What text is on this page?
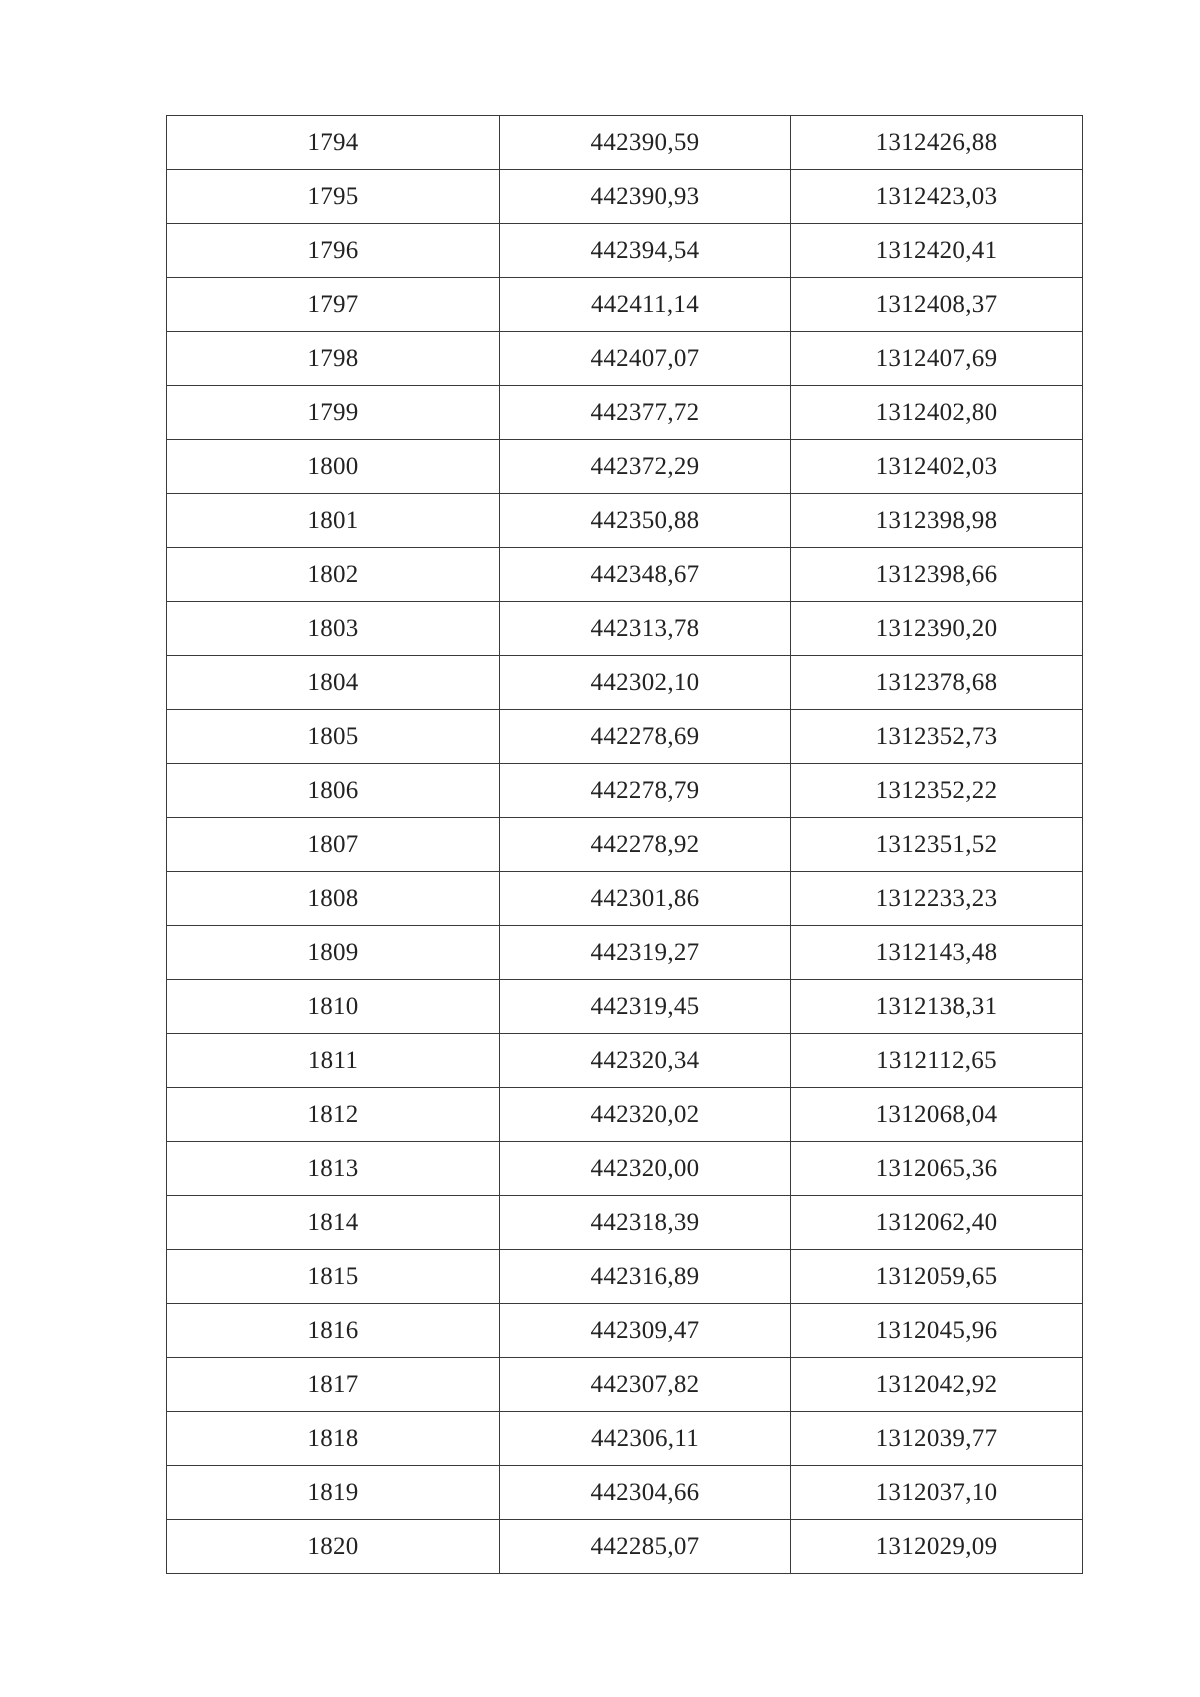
1794	442390,59	1312426,88
1795	442390,93	1312423,03
1796	442394,54	1312420,41
1797	442411,14	1312408,37
1798	442407,07	1312407,69
1799	442377,72	1312402,80
1800	442372,29	1312402,03
1801	442350,88	1312398,98
1802	442348,67	1312398,66
1803	442313,78	1312390,20
1804	442302,10	1312378,68
1805	442278,69	1312352,73
1806	442278,79	1312352,22
1807	442278,92	1312351,52
1808	442301,86	1312233,23
1809	442319,27	1312143,48
1810	442319,45	1312138,31
1811	442320,34	1312112,65
1812	442320,02	1312068,04
1813	442320,00	1312065,36
1814	442318,39	1312062,40
1815	442316,89	1312059,65
1816	442309,47	1312045,96
1817	442307,82	1312042,92
1818	442306,11	1312039,77
1819	442304,66	1312037,10
1820	442285,07	1312029,09
